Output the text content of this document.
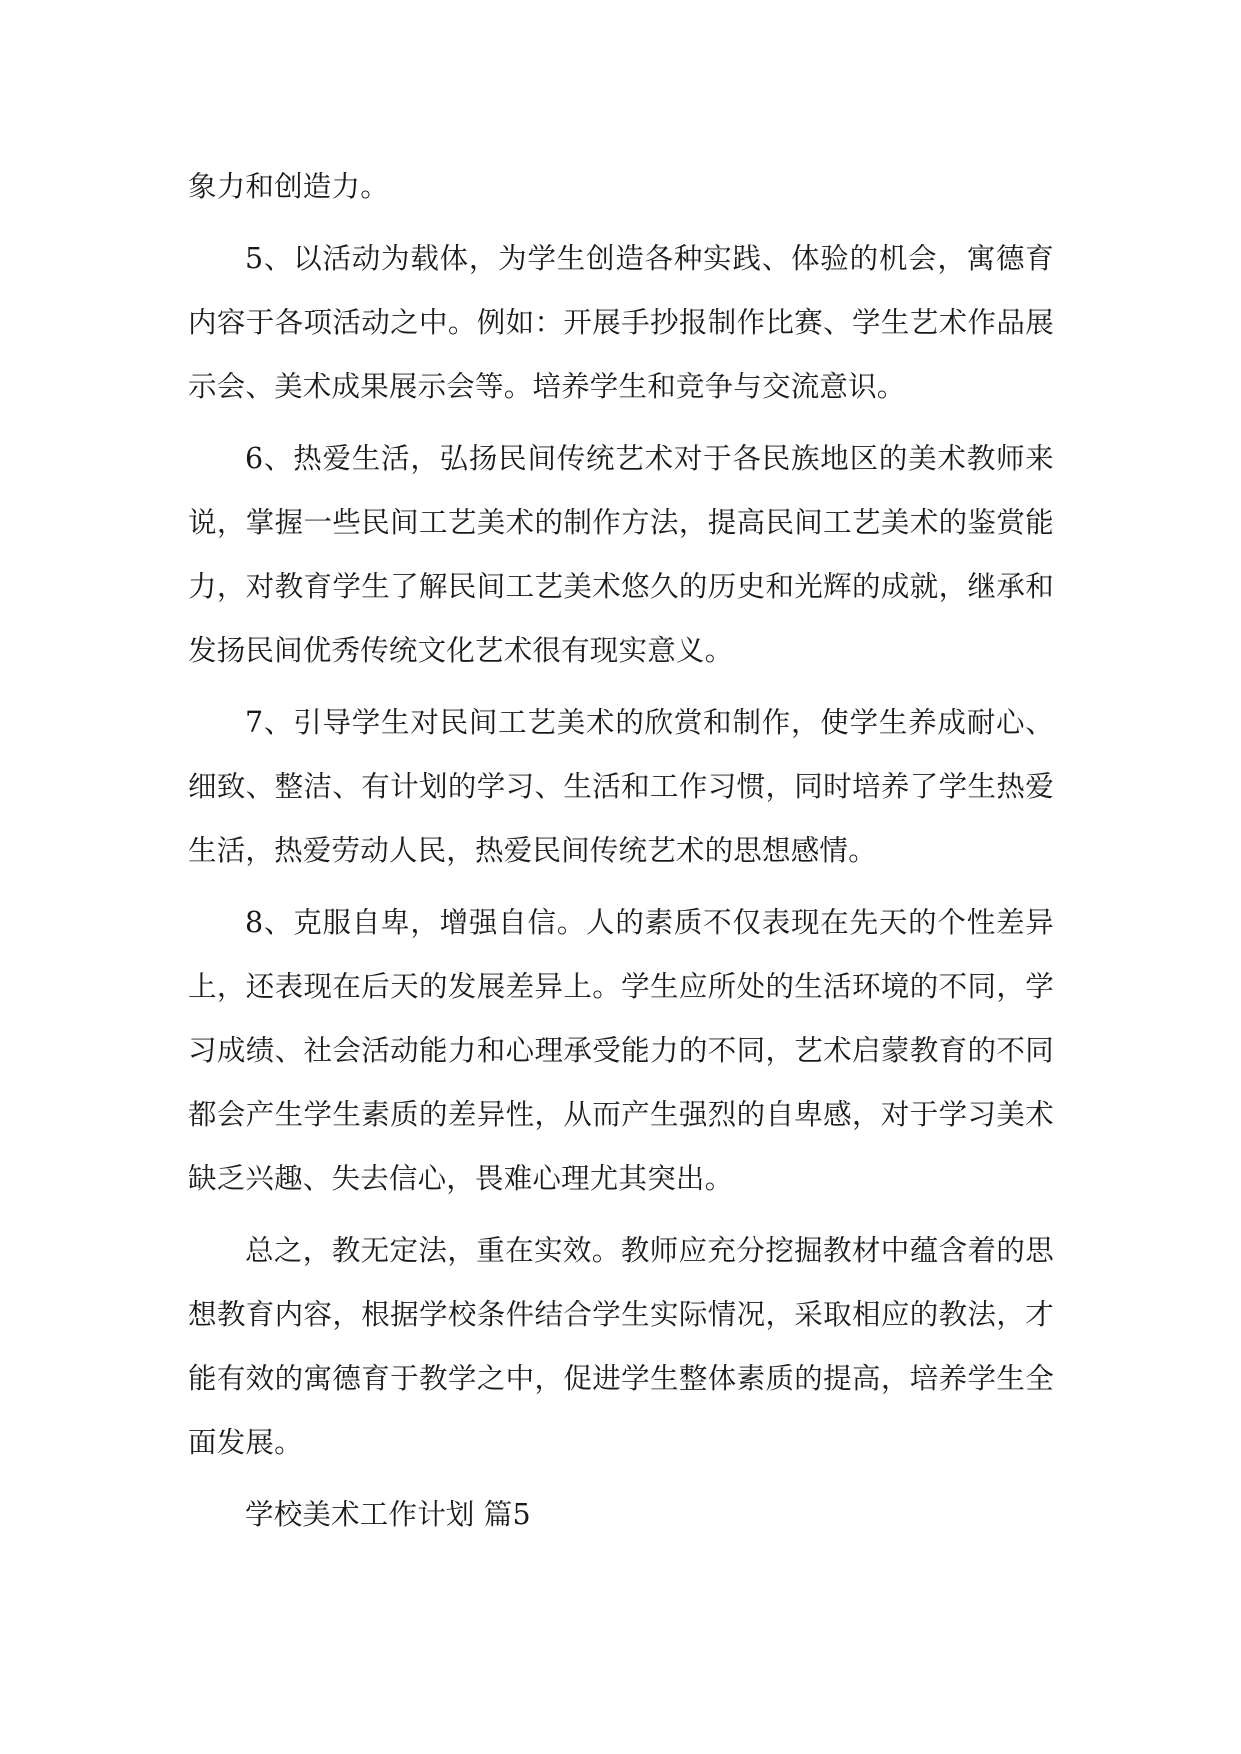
象力和创造力。

5、以活动为载体，为学生创造各种实践、体验的机会，寓德育内容于各项活动之中。例如：开展手抄报制作比赛、学生艺术作品展示会、美术成果展示会等。培养学生和竞争与交流意识。

6、热爱生活，弘扬民间传统艺术对于各民族地区的美术教师来说，掌握一些民间工艺美术的制作方法，提高民间工艺美术的鉴赏能力，对教育学生了解民间工艺美术悠久的历史和光辉的成就，继承和发扬民间优秀传统文化艺术很有现实意义。

7、引导学生对民间工艺美术的欣赏和制作，使学生养成耐心、细致、整洁、有计划的学习、生活和工作习惯，同时培养了学生热爱生活，热爱劳动人民，热爱民间传统艺术的思想感情。

8、克服自卑，增强自信。人的素质不仅表现在先天的个性差异上，还表现在后天的发展差异上。学生应所处的生活环境的不同，学习成绩、社会活动能力和心理承受能力的不同，艺术启蒙教育的不同都会产生学生素质的差异性，从而产生强烈的自卑感，对于学习美术缺乏兴趣、失去信心，畏难心理尤其突出。

总之，教无定法，重在实效。教师应充分挖掘教材中蕴含着的思想教育内容，根据学校条件结合学生实际情况，采取相应的教法，才能有效的寓德育于教学之中，促进学生整体素质的提高，培养学生全面发展。

学校美术工作计划 篇5
